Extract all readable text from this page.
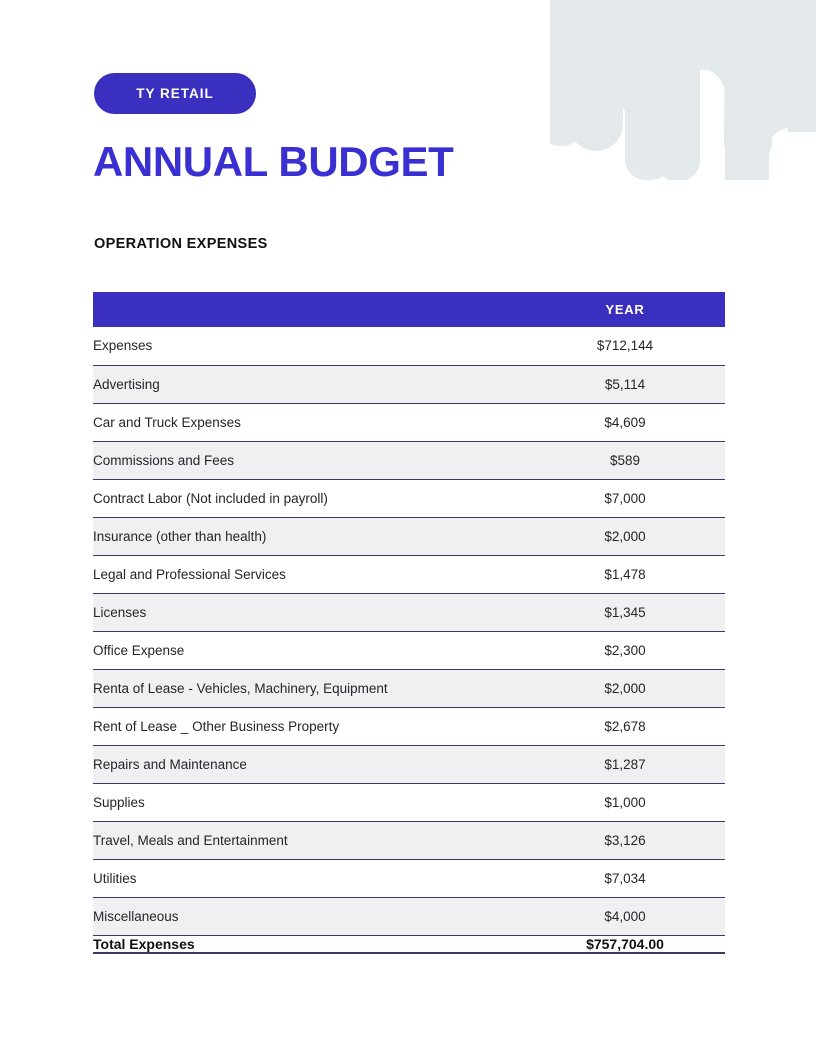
TY RETAIL
ANNUAL BUDGET
OPERATION EXPENSES
	YEAR
Expenses	$712,144
Advertising	$5,114
Car and Truck Expenses	$4,609
Commissions and Fees	$589
Contract Labor (Not included in payroll)	$7,000
Insurance (other than health)	$2,000
Legal and Professional Services	$1,478
Licenses	$1,345
Office Expense	$2,300
Renta of Lease - Vehicles, Machinery, Equipment	$2,000
Rent of Lease _ Other Business Property	$2,678
Repairs and Maintenance	$1,287
Supplies	$1,000
Travel, Meals and Entertainment	$3,126
Utilities	$7,034
Miscellaneous	$4,000
Total Expenses	$757,704.00
